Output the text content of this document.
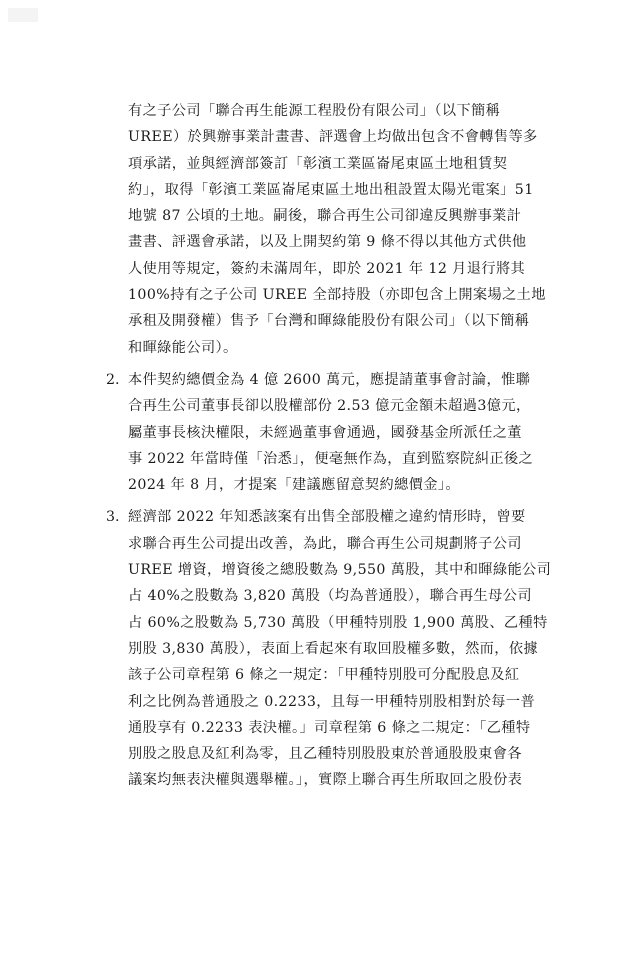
有之子公司「聯合再生能源工程股份有限公司」（以下簡稱
UREE）於興辦事業計畫書、評選會上均做出包含不會轉售等多
項承諾，並與經濟部簽訂「彰濱工業區崙尾東區土地租賃契
約」，取得「彰濱工業區崙尾東區土地出租設置太陽光電案」51
地號 87 公頃的土地。嗣後，聯合再生公司卻違反興辦事業計
畫書、評選會承諾，以及上開契約第 9 條不得以其他方式供他
人使用等規定，簽約未滿周年，即於 2021 年 12 月退行將其
100%持有之子公司 UREE 全部持股（亦即包含上開案場之土地
承租及開發權）售予「台灣和暉綠能股份有限公司」（以下簡稱
和暉綠能公司）。
2. 本件契約總價金為 4 億 2600 萬元，應提請董事會討論，惟聯
合再生公司董事長卻以股權部份 2.53 億元金額未超過3億元，
屬董事長核決權限，未經過董事會通過，國發基金所派任之董
事 2022 年當時僅「治悉」，便毫無作為，直到監察院糾正後之
2024 年 8 月，才提案「建議應留意契約總價金」。
3. 經濟部 2022 年知悉該案有出售全部股權之違約情形時，曾要
求聯合再生公司提出改善，為此，聯合再生公司規劃將子公司
UREE 增資，增資後之總股數為 9,550 萬股，其中和暉綠能公司
占 40%之股數為 3,820 萬股（均為普通股），聯合再生母公司
占 60%之股數為 5,730 萬股（甲種特別股 1,900 萬股、乙種特
別股 3,830 萬股），表面上看起來有取回股權多數，然而，依據
該子公司章程第 6 條之一規定：「甲種特別股可分配股息及紅
利之比例為普通股之 0.2233，且每一甲種特別股相對於每一普
通股享有 0.2233 表決權。」司章程第 6 條之二規定：「乙種特
別股之股息及紅利為零，且乙種特別股股東於普通股股東會各
議案均無表決權與選舉權。」，實際上聯合再生所取回之股份表
